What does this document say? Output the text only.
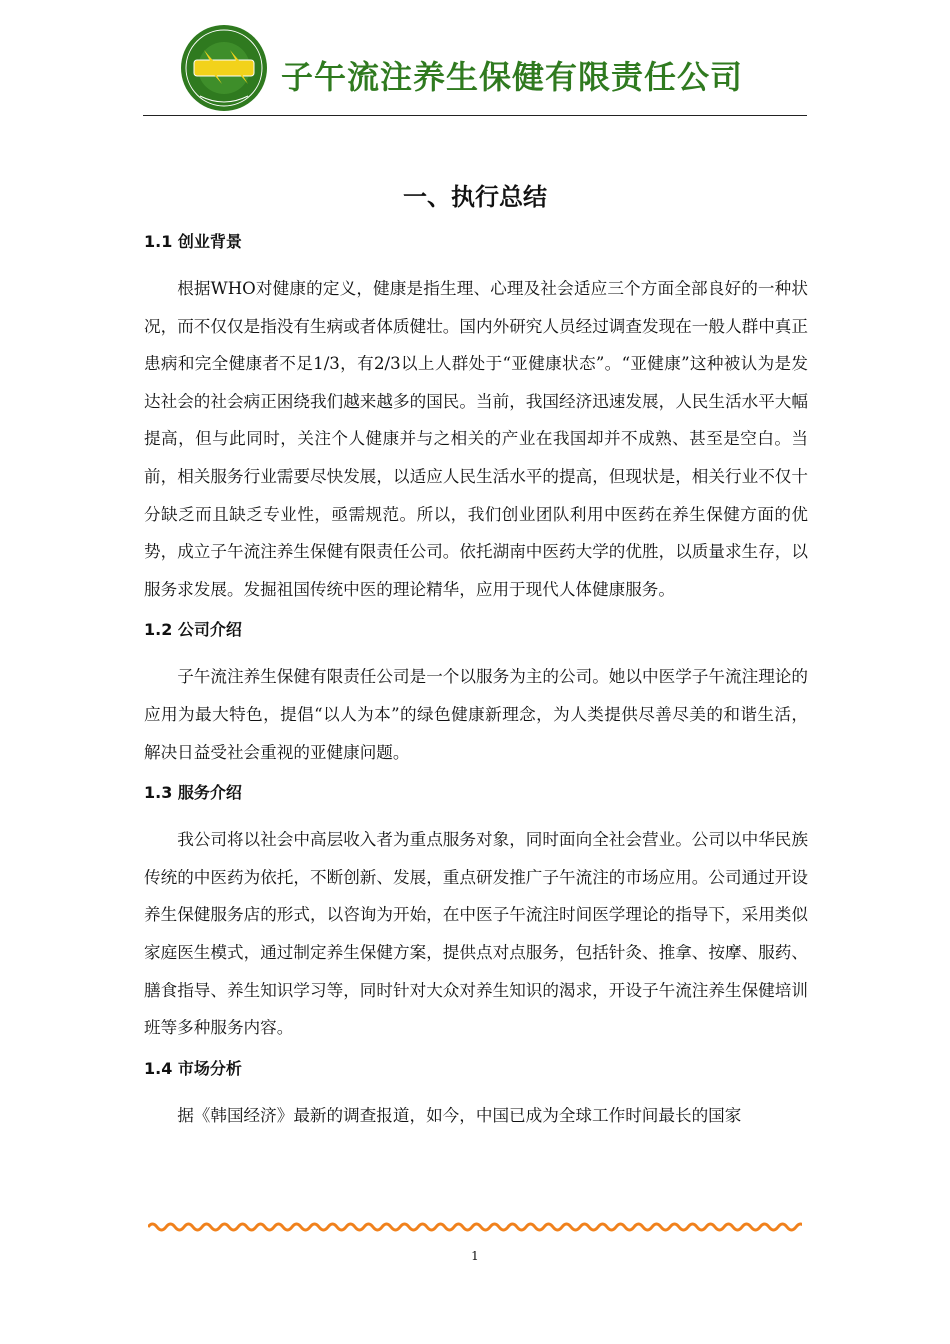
子午流注养生保健有限责任公司
一、执行总结
1.1 创业背景

根据WHO对健康的定义，健康是指生理、心理及社会适应三个方面全部良好的一种状况，而不仅仅是指没有生病或者体质健壮。国内外研究人员经过调查发现在一般人群中真正患病和完全健康者不足1/3，有2/3以上人群处于“亚健康状态”。“亚健康”这种被认为是发达社会的社会病正困绕我们越来越多的国民。当前，我国经济迅速发展，人民生活水平大幅提高，但与此同时，关注个人健康并与之相关的产业在我国却并不成熟、甚至是空白。当前，相关服务行业需要尽快发展，以适应人民生活水平的提高，但现状是，相关行业不仅十分缺乏而且缺乏专业性，亟需规范。所以，我们创业团队利用中医药在养生保健方面的优势，成立子午流注养生保健有限责任公司。依托湖南中医药大学的优胜，以质量求生存，以服务求发展。发掘祖国传统中医的理论精华，应用于现代人体健康服务。

1.2 公司介绍

子午流注养生保健有限责任公司是一个以服务为主的公司。她以中医学子午流注理论的应用为最大特色，提倡“以人为本”的绿色健康新理念，为人类提供尽善尽美的和谐生活，解决日益受社会重视的亚健康问题。

1.3 服务介绍

我公司将以社会中高层收入者为重点服务对象，同时面向全社会营业。公司以中华民族传统的中医药为依托，不断创新、发展，重点研发推广子午流注的市场应用。公司通过开设养生保健服务店的形式，以咨询为开始，在中医子午流注时间医学理论的指导下，采用类似家庭医生模式，通过制定养生保健方案，提供点对点服务，包括针灸、推拿、按摩、服药、膳食指导、养生知识学习等，同时针对大众对养生知识的渴求，开设子午流注养生保健培训班等多种服务内容。

1.4 市场分析

据《韩国经济》最新的调查报道，如今，中国已成为全球工作时间最长的国家

1
